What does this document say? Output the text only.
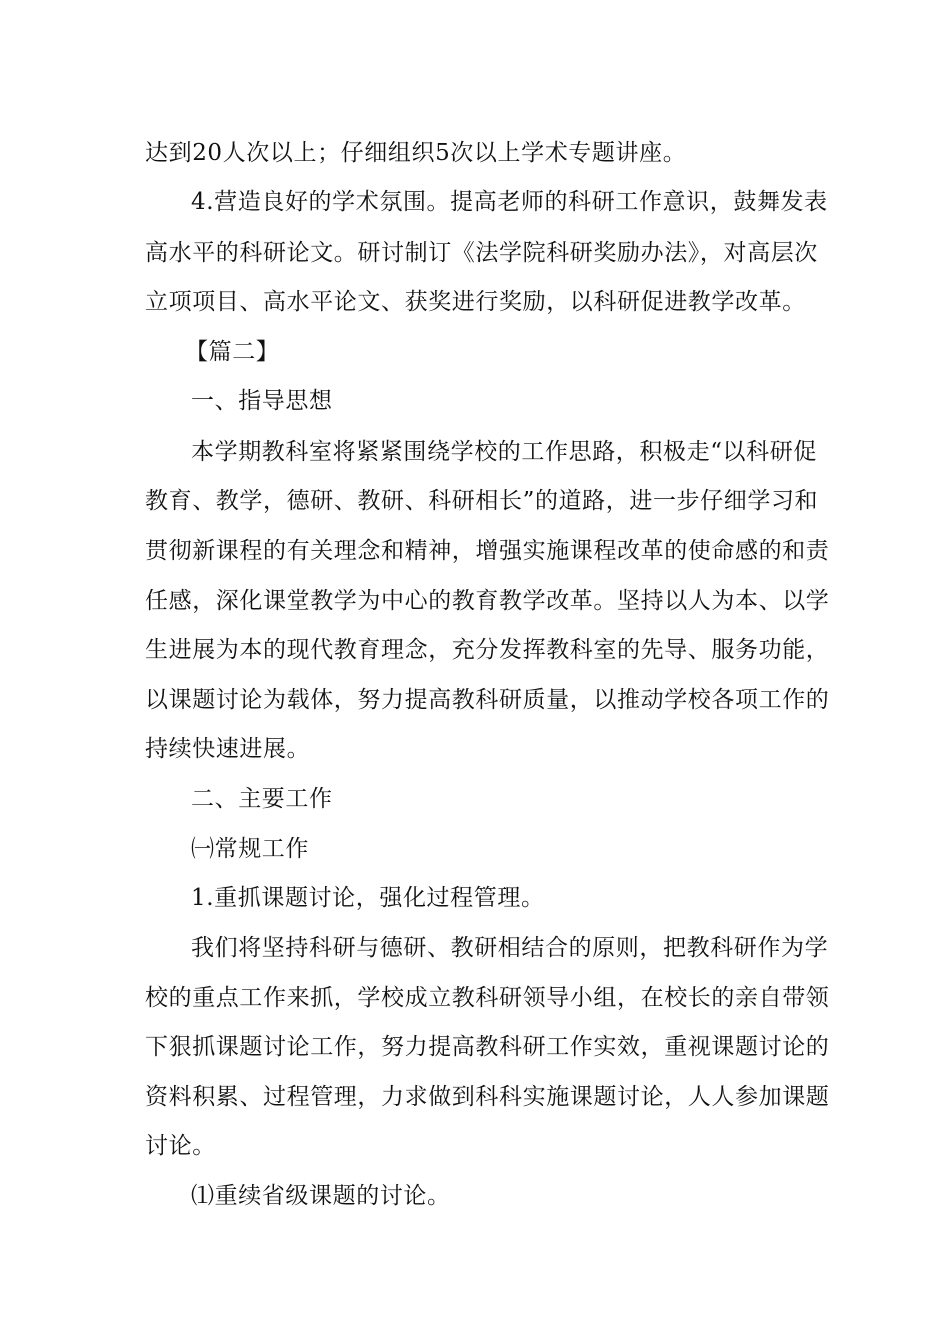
达到20人次以上；仔细组织5次以上学术专题讲座。
4.营造良好的学术氛围。提高老师的科研工作意识，鼓舞发表
高水平的科研论文。研讨制订《法学院科研奖励办法》，对高层次
立项项目、高水平论文、获奖进行奖励，以科研促进教学改革。
【篇二】
一、指导思想
本学期教科室将紧紧围绕学校的工作思路，积极走“以科研促
教育、教学，德研、教研、科研相长”的道路，进一步仔细学习和
贯彻新课程的有关理念和精神，增强实施课程改革的使命感的和责
任感，深化课堂教学为中心的教育教学改革。坚持以人为本、以学
生进展为本的现代教育理念，充分发挥教科室的先导、服务功能，
以课题讨论为载体，努力提高教科研质量，以推动学校各项工作的
持续快速进展。
二、主要工作
㈠常规工作
1.重抓课题讨论，强化过程管理。
我们将坚持科研与德研、教研相结合的原则，把教科研作为学
校的重点工作来抓，学校成立教科研领导小组，在校长的亲自带领
下狠抓课题讨论工作，努力提高教科研工作实效，重视课题讨论的
资料积累、过程管理，力求做到科科实施课题讨论，人人参加课题
讨论。
⑴重续省级课题的讨论。
